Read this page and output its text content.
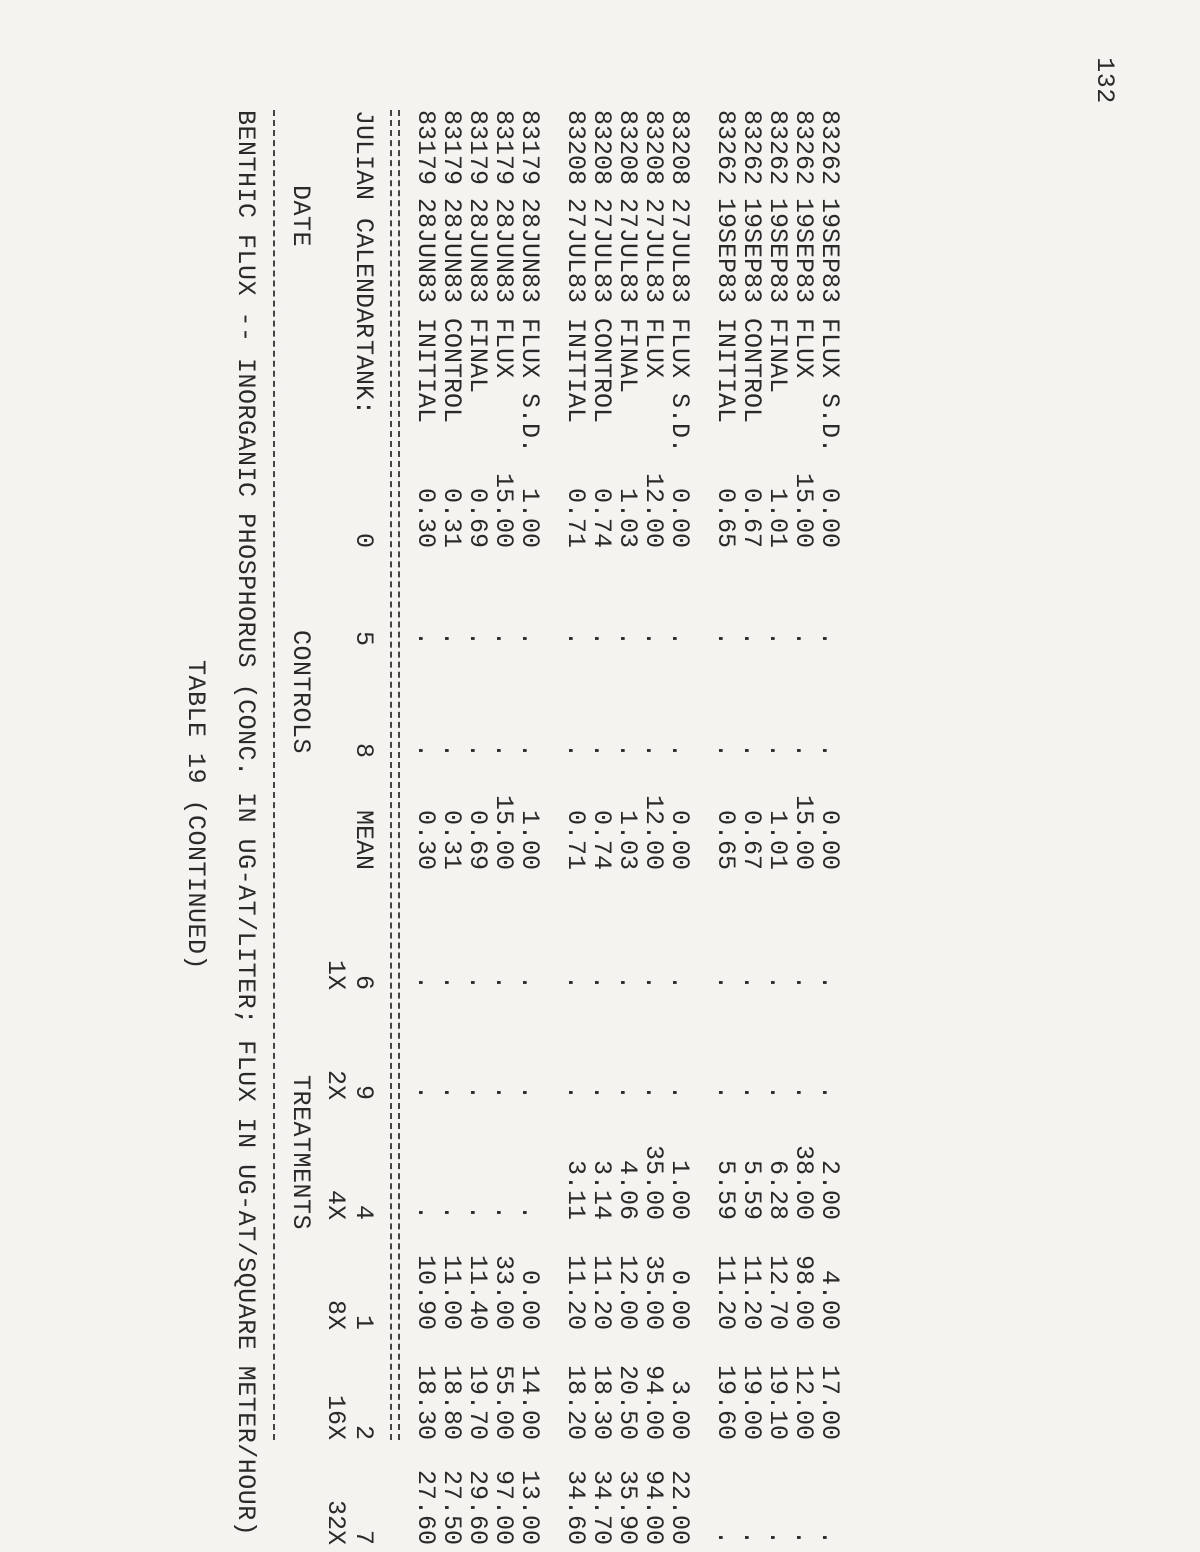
132
TABLE 19 (CONTINUED) BENTHIC FLUX -- INORGANIC PHOSPHORUS (CONC. IN UG-AT/LITER; FLUX IN UG-AT/SQUARE METER/HOUR) DATE
CONTROLS
TREATMENTS

1X

2X

4X

8X

16X

32X

JULIAN

CALENDAR

TANK:

0

5

8

MEAN

6

9

4

1

2

7

83179
28JUN83 INITIAL
0.30
.
.
0.30
.
.
.
10.90
18.30
27.60
83179
28JUN83 CONTROL
0.31
.
.
0.31
.
.
.
11.00
18.80
27.50
83179
28JUN83 FINAL
0.69
.
.
0.69
.
.
.
11.40
19.70
29.60
83179
28JUN83 FLUX
15.00
.
.
15.00
.
.
.
33.00
55.00
97.00
83179
28JUN83 FLUX S.D.
1.00
.
.
1.00
.
.
.
0.00
14.00
13.00
83208
27JUL83 INITIAL
0.71
.
.
0.71
.
.
3.11
11.20
18.20
34.60
83208
27JUL83 CONTROL
0.74
.
.
0.74
.
.
3.14
11.20
18.30
34.70
83208
27JUL83 FINAL
1.03
.
.
1.03
.
.
4.06
12.00
20.50
35.90
83208
27JUL83 FLUX
12.00
.
.
12.00
.
.
35.00
35.00
94.00
94.00
83208
27JUL83 FLUX S.D.
0.00
.
.
0.00
.
.
1.00
0.00
3.00
22.00
83262
19SEP83 INITIAL
0.65
.
.
0.65
.
.
5.59
11.20
19.60
.
83262
19SEP83 CONTROL
0.67
.
.
0.67
.
.
5.59
11.20
19.00
.
83262
19SEP83 FINAL
1.01
.
.
1.01
.
.
6.28
12.70
19.10
.
83262
19SEP83 FLUX
15.00
.
.
15.00
.
.
38.00
98.00
12.00
.
83262
19SEP83 FLUX S.D.
0.00
.
.
0.00
.
.
2.00
4.00
17.00
.
